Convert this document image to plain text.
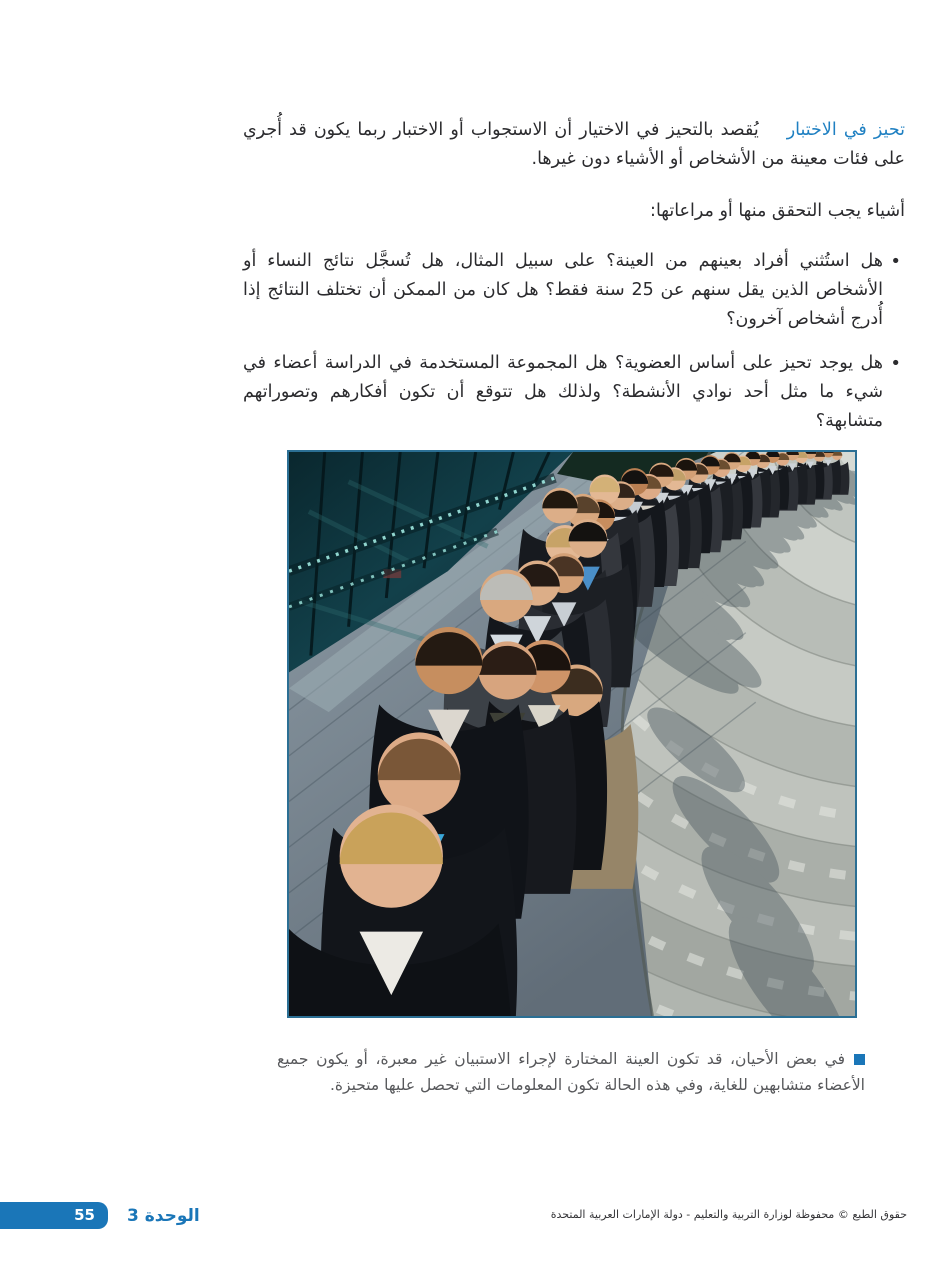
تحيز في الاختباريُقصد بالتحيز في الاختيار أن الاستجواب أو الاختبار ربما يكون قد أُجري على فئات معينة من الأشخاص أو الأشياء دون غيرها.

أشياء يجب التحقق منها أو مراعاتها:

•
هل استُثني أفراد بعينهم من العينة؟ على سبيل المثال، هل تُسجَّل نتائج النساء أو الأشخاص الذين يقل سنهم عن 25 سنة فقط؟ هل كان من الممكن أن تختلف النتائج إذا أُدرج أشخاص آخرون؟
•
هل يوجد تحيز على أساس العضوية؟ هل المجموعة المستخدمة في الدراسة أعضاء في شيء ما مثل أحد نوادي الأنشطة؟ ولذلك هل تتوقع أن تكون أفكارهم وتصوراتهم متشابهة؟

في بعض الأحيان، قد تكون العينة المختارة لإجراء الاستبيان غير معبرة، أو يكون جميع الأعضاء متشابهين للغاية، وفي هذه الحالة تكون المعلومات التي تحصل عليها متحيزة.

55	الوحدة 3	حقوق الطبع © محفوظة لوزارة التربية والتعليم - دولة الإمارات العربية المتحدة
